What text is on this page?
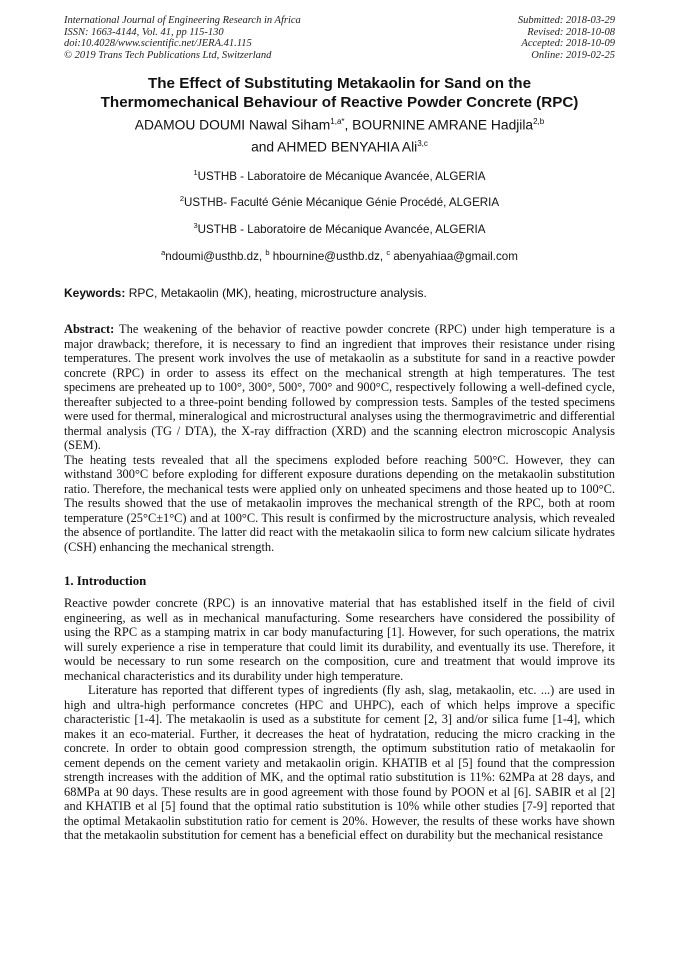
International Journal of Engineering Research in Africa
ISSN: 1663-4144, Vol. 41, pp 115-130
doi:10.4028/www.scientific.net/JERA.41.115
© 2019 Trans Tech Publications Ltd, Switzerland
Submitted: 2018-03-29
Revised: 2018-10-08
Accepted: 2018-10-09
Online: 2019-02-25
The Effect of Substituting Metakaolin for Sand on the
Thermomechanical Behaviour of Reactive Powder Concrete (RPC)
ADAMOU DOUMI Nawal Siham$^{1,a*}$, BOURNINE AMRANE Hadjila$^{2,b}$
and AHMED BENYAHIA Ali$^{3,c}$
$^1$USTHB - Laboratoire de Mécanique Avancée, ALGERIA
$^2$USTHB- Faculté Génie Mécanique Génie Procédé, ALGERIA
$^3$USTHB - Laboratoire de Mécanique Avancée, ALGERIA
$^a$ndoumi@usthb.dz, $^b$ hbournine@usthb.dz, $^c$ abenyahiaa@gmail.com
Keywords: RPC, Metakaolin (MK), heating, microstructure analysis.

Abstract: The weakening of the behavior of reactive powder concrete (RPC) under high temperature is a major drawback; therefore, it is necessary to find an ingredient that improves their resistance under rising temperatures. The present work involves the use of metakaolin as a substitute for sand in a reactive powder concrete (RPC) in order to assess its effect on the mechanical strength at high temperatures. The test specimens are preheated up to 100°, 300°, 500°, 700° and 900°C, respectively following a well-defined cycle, thereafter subjected to a three-point bending followed by compression tests. Samples of the tested specimens were used for thermal, mineralogical and microstructural analyses using the thermogravimetric and differential thermal analysis (TG / DTA), the X-ray diffraction (XRD) and the scanning electron microscopic Analysis (SEM).

The heating tests revealed that all the specimens exploded before reaching 500°C. However, they can withstand 300°C before exploding for different exposure durations depending on the metakaolin substitution ratio. Therefore, the mechanical tests were applied only on unheated specimens and those heated up to 100°C. The results showed that the use of metakaolin improves the mechanical strength of the RPC, both at room temperature (25°C±1°C) and at 100°C. This result is confirmed by the microstructure analysis, which revealed the absence of portlandite. The latter did react with the metakaolin silica to form new calcium silicate hydrates (CSH) enhancing the mechanical strength.

1. Introduction

Reactive powder concrete (RPC) is an innovative material that has established itself in the field of civil engineering, as well as in mechanical manufacturing. Some researchers have considered the possibility of using the RPC as a stamping matrix in car body manufacturing [1]. However, for such operations, the matrix will surely experience a rise in temperature that could limit its durability, and eventually its use. Therefore, it would be necessary to run some research on the composition, cure and treatment that would improve its mechanical characteristics and its durability under high temperature.

Literature has reported that different types of ingredients (fly ash, slag, metakaolin, etc. ...) are used in high and ultra-high performance concretes (HPC and UHPC), each of which helps improve a specific characteristic [1-4]. The metakaolin is used as a substitute for cement [2, 3] and/or silica fume [1-4], which makes it an eco-material. Further, it decreases the heat of hydratation, reducing the micro cracking in the concrete. In order to obtain good compression strength, the optimum substitution ratio of metakaolin for cement depends on the cement variety and metakaolin origin. KHATIB et al [5] found that the compression strength increases with the addition of MK, and the optimal ratio substitution is 11%: 62MPa at 28 days, and 68MPa at 90 days. These results are in good agreement with those found by POON et al [6]. SABIR et al [2] and KHATIB et al [5] found that the optimal ratio substitution is 10% while other studies [7-9] reported that the optimal Metakaolin substitution ratio for cement is 20%. However, the results of these works have shown that the metakaolin substitution for cement has a beneficial effect on durability but the mechanical resistance
